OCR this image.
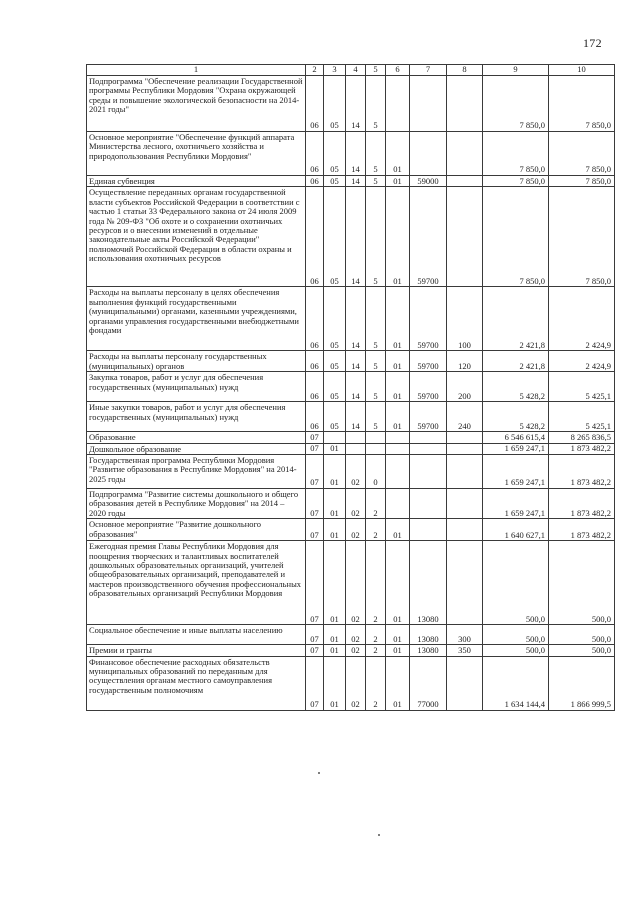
172
1	2	3	4	5	6	7	8	9	10
Подпрограмма "Обеспечение реализации Государственной программы Республики Мордовия "Охрана окружающей среды и повышение экологической безопасности на 2014-2021 годы"	06	05	14	5				7 850,0	7 850,0
Основное мероприятие "Обеспечение функций аппарата Министерства лесного, охотничьего хозяйства и природопользования Республики Мордовия"	06	05	14	5	01			7 850,0	7 850,0
Единая субвенция	06	05	14	5	01	59000		7 850,0	7 850,0
Осуществление переданных органам государственной власти субъектов Российской Федерации в соответствии с частью 1 статьи 33 Федерального закона от 24 июля 2009 года № 209-ФЗ "Об охоте и о сохранении охотничьих ресурсов и о внесении изменений в отдельные законодательные акты Российской Федерации" полномочий Российской Федерации в области охраны и использования охотничьих ресурсов	06	05	14	5	01	59700		7 850,0	7 850,0
Расходы на выплаты персоналу в целях обеспечения выполнения функций государственными (муниципальными) органами, казенными учреждениями, органами управления государственными внебюджетными фондами	06	05	14	5	01	59700	100	2 421,8	2 424,9
Расходы на выплаты персоналу государственных (муниципальных) органов	06	05	14	5	01	59700	120	2 421,8	2 424,9
Закупка товаров, работ и услуг для обеспечения государственных (муниципальных) нужд	06	05	14	5	01	59700	200	5 428,2	5 425,1
Иные закупки товаров, работ и услуг для обеспечения государственных (муниципальных) нужд	06	05	14	5	01	59700	240	5 428,2	5 425,1
Образование	07							6 546 615,4	8 265 836,5
Дошкольное образование	07	01						1 659 247,1	1 873 482,2
Государственная программа Республики Мордовия "Развитие образования в Республике Мордовия" на 2014-2025 годы	07	01	02	0				1 659 247,1	1 873 482,2
Подпрограмма "Развитие системы дошкольного и общего образования детей в Республике Мордовия" на 2014 – 2020 годы	07	01	02	2				1 659 247,1	1 873 482,2
Основное мероприятие "Развитие дошкольного образования"	07	01	02	2	01			1 640 627,1	1 873 482,2
Ежегодная премия Главы Республики Мордовия для поощрения творческих и талантливых воспитателей дошкольных образовательных организаций, учителей общеобразовательных организаций, преподавателей и мастеров производственного обучения профессиональных образовательных организаций Республики Мордовия	07	01	02	2	01	13080		500,0	500,0
Социальное обеспечение и иные выплаты населению	07	01	02	2	01	13080	300	500,0	500,0
Премии и гранты	07	01	02	2	01	13080	350	500,0	500,0
Финансовое обеспечение расходных обязательств муниципальных образований по переданным для осуществления органам местного самоуправления государственным полномочиям	07	01	02	2	01	77000		1 634 144,4	1 866 999,5
